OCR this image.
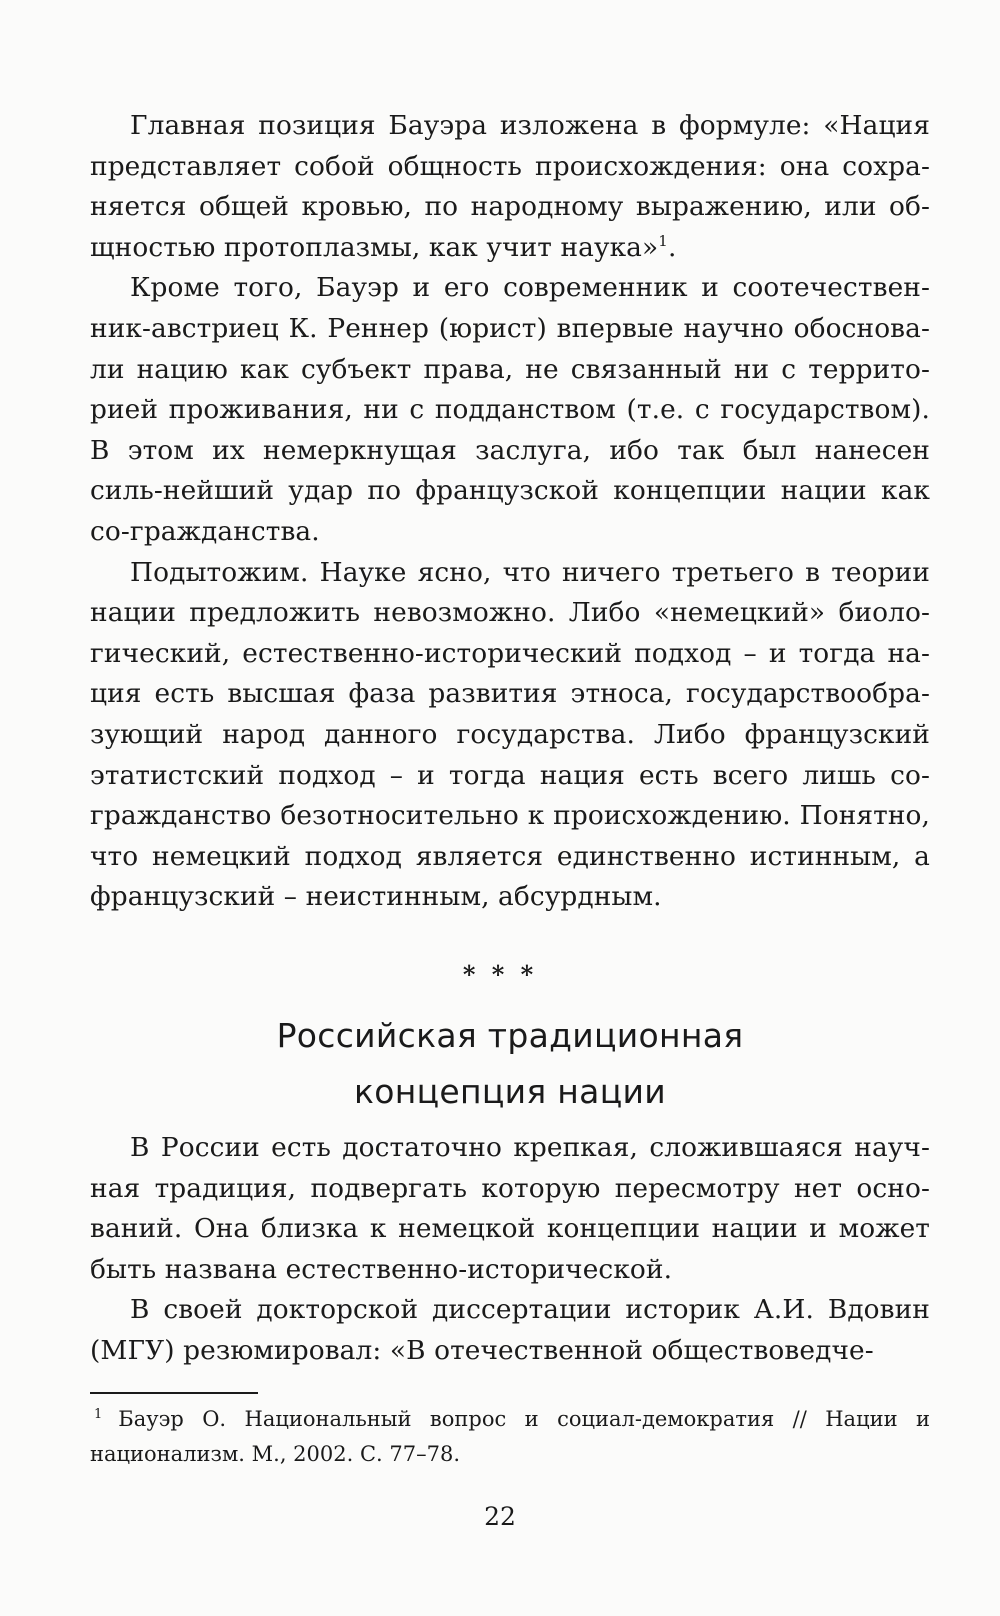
Главная позиция Бауэра изложена в формуле: «Нация представляет собой общность происхождения: она сохра-няется общей кровью, по народному выражению, или об-щностью протоплазмы, как учит наука»$^1$.

Кроме того, Бауэр и его современник и соотечествен-ник-австриец К. Реннер (юрист) впервые научно обоснова-ли нацию как субъект права, не связанный ни с террито-рией проживания, ни с подданством (т.е. с государством). В этом их немеркнущая заслуга, ибо так был нанесен силь-нейший удар по французской концепции нации как со-гражданства.

Подытожим. Науке ясно, что ничего третьего в теории нации предложить невозможно. Либо «немецкий» биоло-гический, естественно-исторический подход – и тогда на-ция есть высшая фаза развития этноса, государствообра-зующий народ данного государства. Либо французский этатистский подход – и тогда нация есть всего лишь со-гражданство безотносительно к происхождению. Понятно, что немецкий подход является единственно истинным, а французский – неистинным, абсурдным.

* * *
Российская традиционная
концепция нации

В России есть достаточно крепкая, сложившаяся науч-ная традиция, подвергать которую пересмотру нет осно-ваний. Она близка к немецкой концепции нации и может быть названа естественно-исторической.

В своей докторской диссертации историк А.И. Вдовин (МГУ) резюмировал: «В отечественной обществоведче-

$^1$ Бауэр О. Национальный вопрос и социал-демократия // Нации и национализм. М., 2002. С. 77–78.

22
